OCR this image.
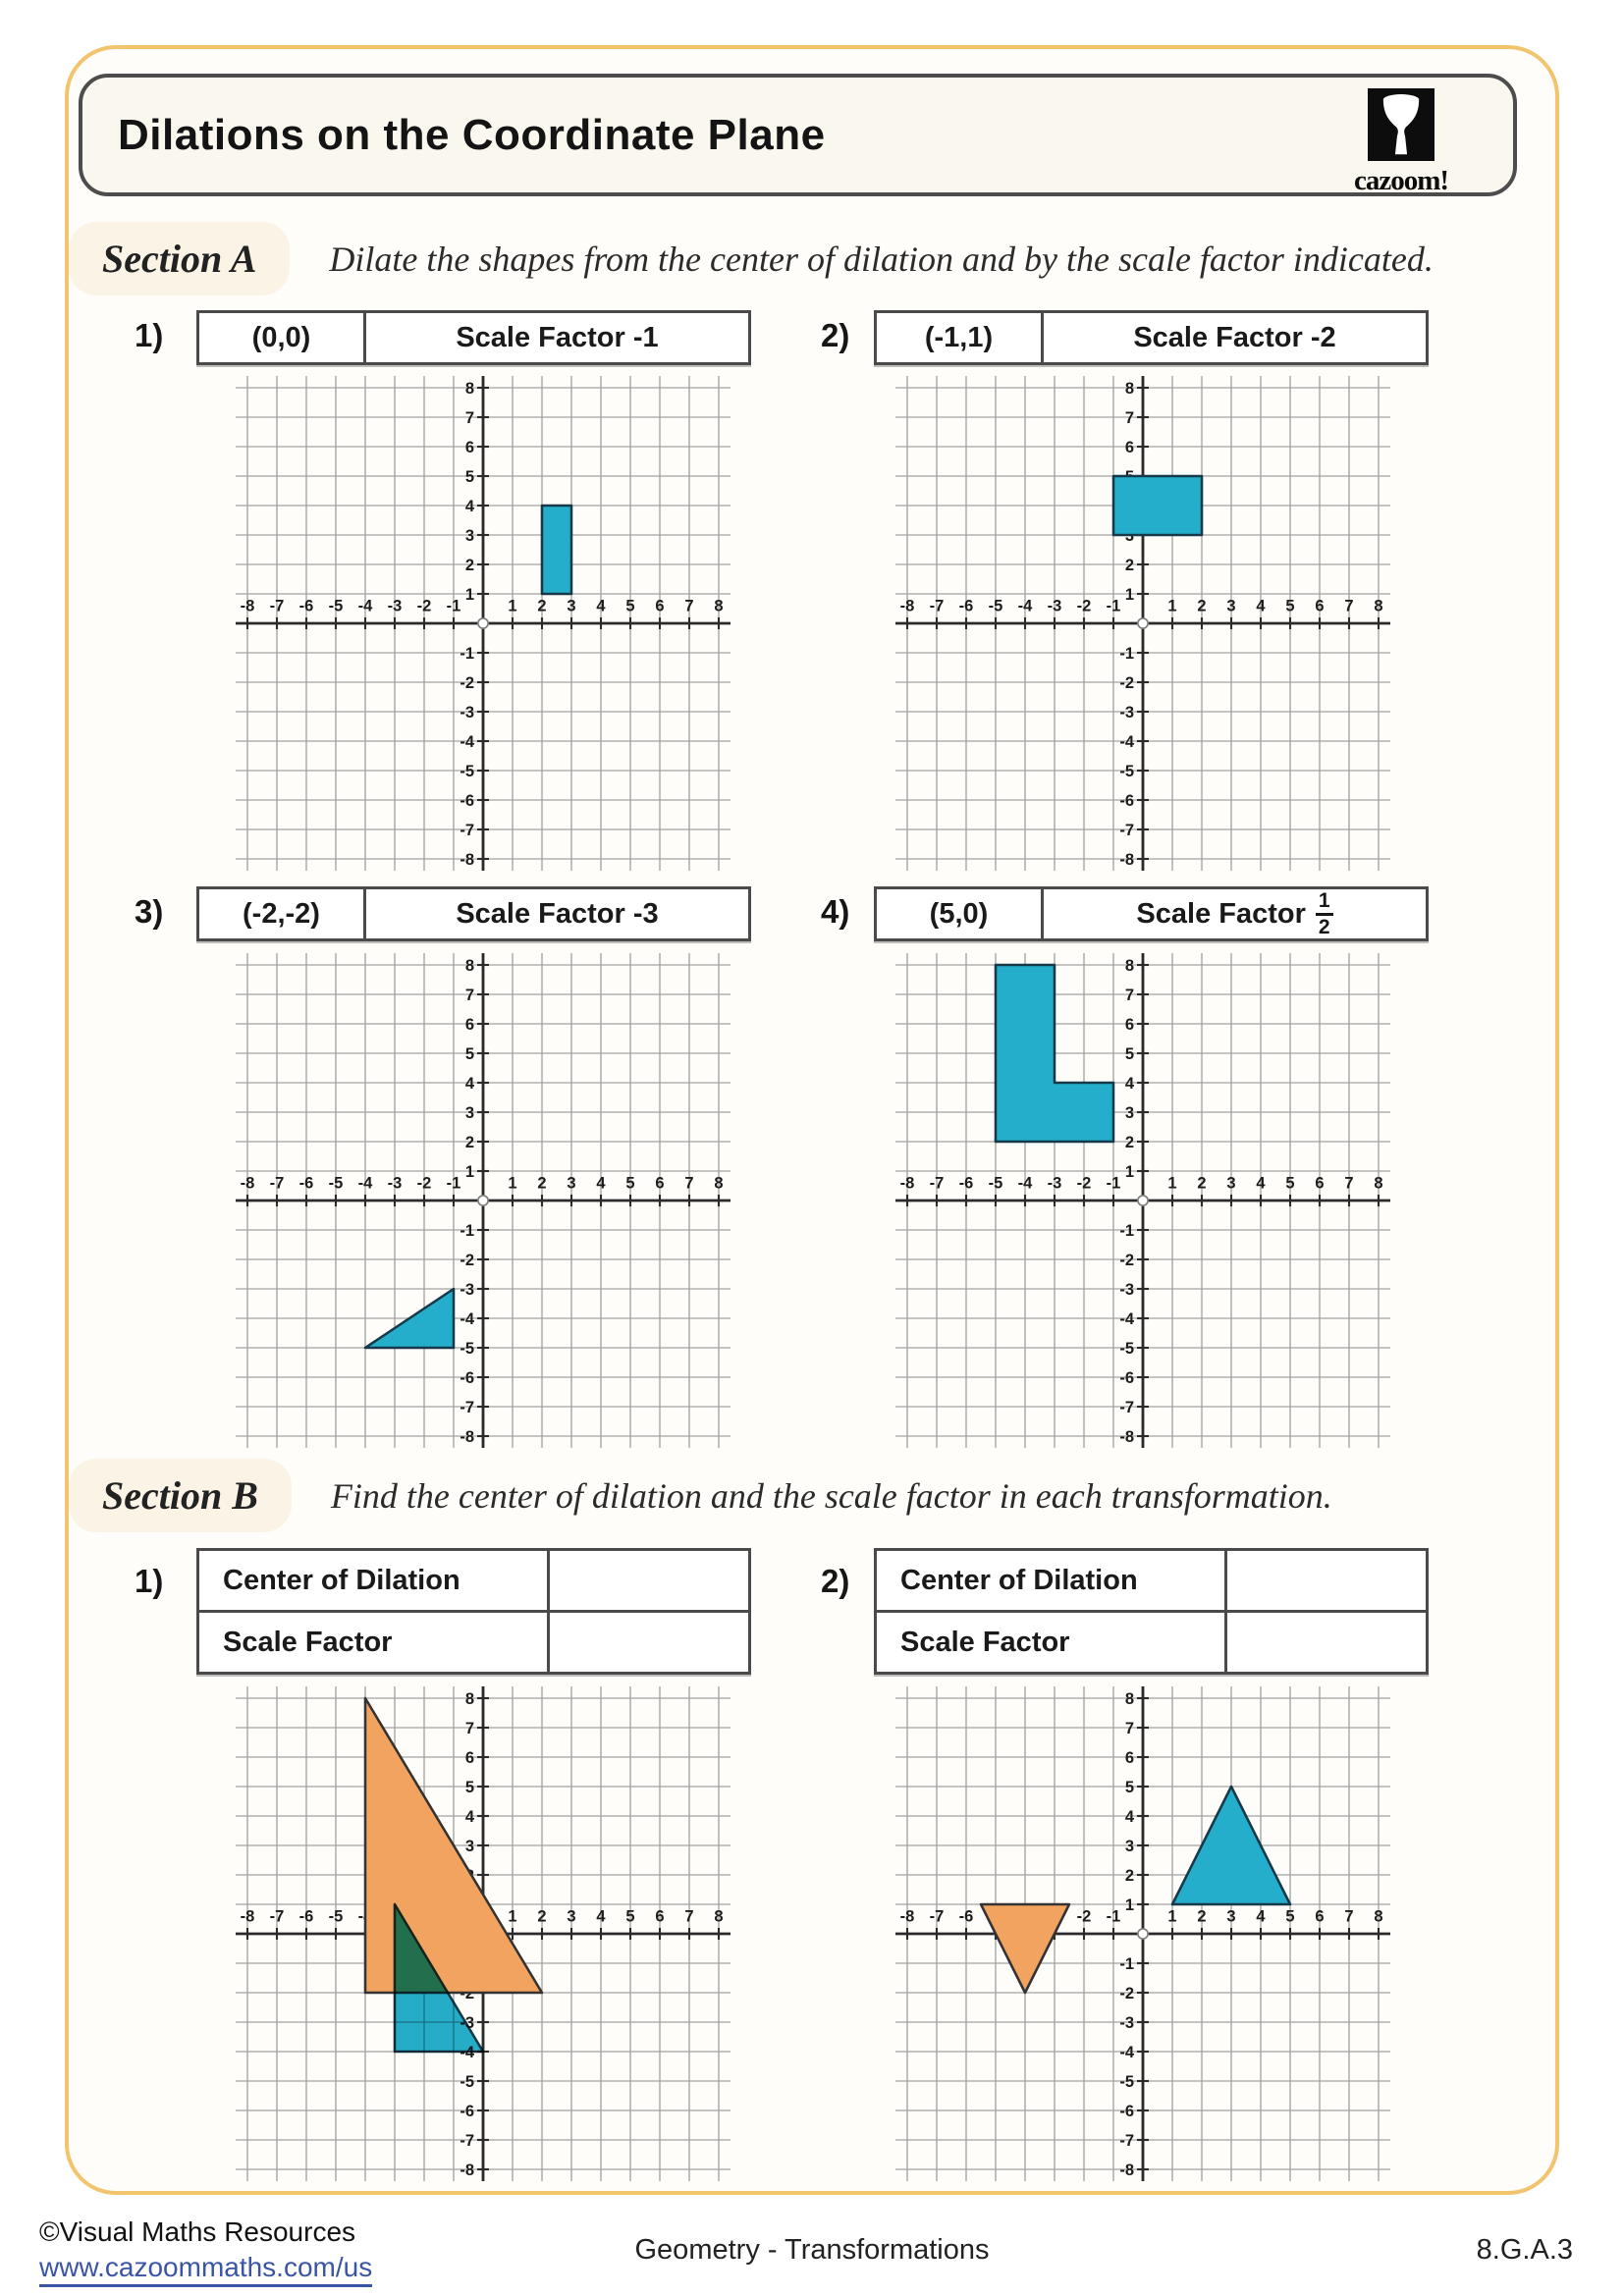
Dilations on the Coordinate Plane
cazoom!
Section A	Dilate the shapes from the center of dilation and by the scale factor indicated.
1)	(0,0)	Scale Factor -1	2)	(-1,1)	Scale Factor -2
3)	(-2,-2)	Scale Factor -3	4)	(5,0)	Scale Factor $\frac{1}{2}$
Section B	Find the center of dilation and the scale factor in each transformation.
1)	Center of Dilation
Scale Factor
2)	Center of Dilation
Scale Factor
©Visual Maths Resources
www.cazoommaths.com/us
Geometry - Transformations	8.G.A.3
